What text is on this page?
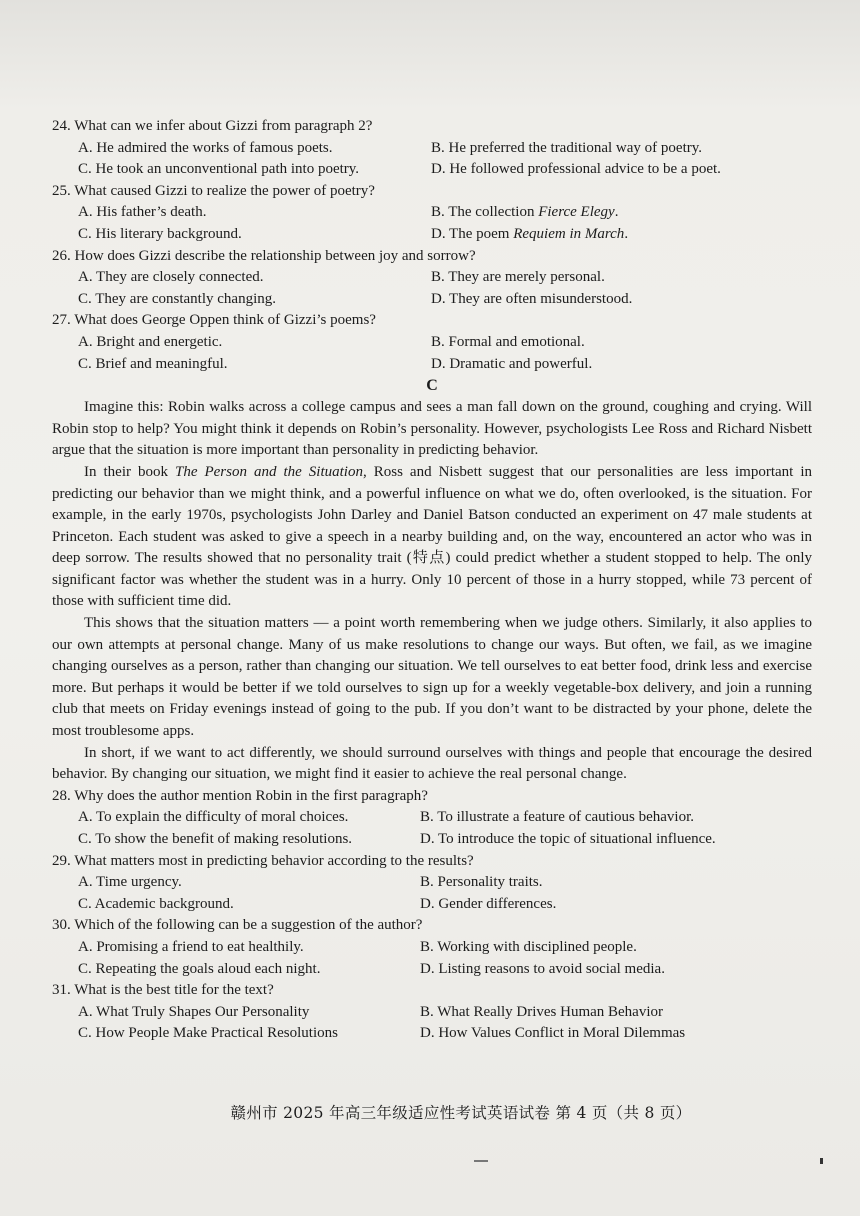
24. What can we infer about Gizzi from paragraph 2?

A. He admired the works of famous poets.	B. He preferred the traditional way of poetry.
C. He took an unconventional path into poetry.	D. He followed professional advice to be a poet.

25. What caused Gizzi to realize the power of poetry?

A. His father’s death.	B. The collection Fierce Elegy.
C. His literary background.	D. The poem Requiem in March.

26. How does Gizzi describe the relationship between joy and sorrow?

A. They are closely connected.	B. They are merely personal.
C. They are constantly changing.	D. They are often misunderstood.

27. What does George Oppen think of Gizzi’s poems?

A. Bright and energetic.	B. Formal and emotional.
C. Brief and meaningful.	D. Dramatic and powerful.

C

Imagine this: Robin walks across a college campus and sees a man fall down on the ground, coughing and crying. Will Robin stop to help? You might think it depends on Robin’s personality. However, psychologists Lee Ross and Richard Nisbett argue that the situation is more important than personality in predicting behavior.

In their book The Person and the Situation, Ross and Nisbett suggest that our personalities are less important in predicting our behavior than we might think, and a powerful influence on what we do, often overlooked, is the situation. For example, in the early 1970s, psychologists John Darley and Daniel Batson conducted an experiment on 47 male students at Princeton. Each student was asked to give a speech in a nearby building and, on the way, encountered an actor who was in deep sorrow. The results showed that no personality trait (特点) could predict whether a student stopped to help. The only significant factor was whether the student was in a hurry. Only 10 percent of those in a hurry stopped, while 73 percent of those with sufficient time did.

This shows that the situation matters — a point worth remembering when we judge others. Similarly, it also applies to our own attempts at personal change. Many of us make resolutions to change our ways. But often, we fail, as we imagine changing ourselves as a person, rather than changing our situation. We tell ourselves to eat better food, drink less and exercise more. But perhaps it would be better if we told ourselves to sign up for a weekly vegetable-box delivery, and join a running club that meets on Friday evenings instead of going to the pub. If you don’t want to be distracted by your phone, delete the most troublesome apps.

In short, if we want to act differently, we should surround ourselves with things and people that encourage the desired behavior. By changing our situation, we might find it easier to achieve the real personal change.

28. Why does the author mention Robin in the first paragraph?

A. To explain the difficulty of moral choices.	B. To illustrate a feature of cautious behavior.
C. To show the benefit of making resolutions.	D. To introduce the topic of situational influence.

29. What matters most in predicting behavior according to the results?

A. Time urgency.	B. Personality traits.
C. Academic background.	D. Gender differences.

30. Which of the following can be a suggestion of the author?

A. Promising a friend to eat healthily.	B. Working with disciplined people.
C. Repeating the goals aloud each night.	D. Listing reasons to avoid social media.

31. What is the best title for the text?

A. What Truly Shapes Our Personality	B. What Really Drives Human Behavior
C. How People Make Practical Resolutions	D. How Values Conflict in Moral Dilemmas
赣州市 2025 年高三年级适应性考试英语试卷 第 4 页（共 8 页）
